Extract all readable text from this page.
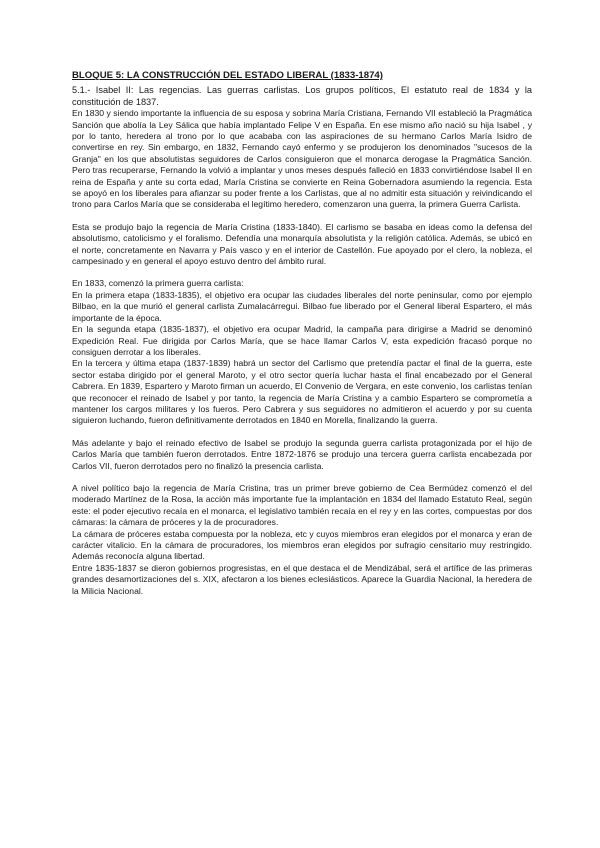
BLOQUE 5: LA CONSTRUCCIÓN DEL ESTADO LIBERAL (1833-1874)

5.1.- Isabel II: Las regencias. Las guerras carlistas. Los grupos políticos, El estatuto real de 1834 y la constitución de 1837.

En 1830 y siendo importante la influencia de su esposa y sobrina María Cristiana, Fernando VII estableció la Pragmática Sanción que abolía la Ley Sálica que había implantado Felipe V en España. En ese mismo año nació su hija Isabel , y por lo tanto, heredera al trono por lo que acababa con las aspiraciones de su hermano Carlos María Isidro de convertirse en rey. Sin embargo, en 1832, Fernando cayó enfermo y se produjeron los denominados "sucesos de la Granja" en los que absolutistas seguidores de Carlos consiguieron que el monarca derogase la Pragmática Sanción. Pero tras recuperarse, Fernando la volvió a implantar y unos meses después falleció en 1833 convirtiéndose Isabel II en reina de España y ante su corta edad, María Cristina se convierte en Reina Gobernadora asumiendo la regencia. Esta se apoyó en los liberales para afianzar su poder frente a los Carlistas, que al no admitir esta situación y reivindicando el trono para Carlos María que se consideraba el legítimo heredero, comenzaron una guerra, la primera Guerra Carlista.

Esta se produjo bajo la regencia de María Cristina (1833-1840). El carlismo se basaba en ideas como la defensa del absolutismo, catolicismo y el foralismo. Defendía una monarquía absolutista y la religión católica. Además, se ubicó en el norte, concretamente en Navarra y País vasco y en el interior de Castellón. Fue apoyado por el clero, la nobleza, el campesinado y en general el apoyo estuvo dentro del ámbito rural.

En 1833, comenzó la primera guerra carlista:

En la primera etapa (1833-1835), el objetivo era ocupar las ciudades liberales del norte peninsular, como por ejemplo Bilbao, en la que murió el general carlista Zumalacárregui. Bilbao fue liberado por el General liberal Espartero, el más importante de la época.

En la segunda etapa (1835-1837), el objetivo era ocupar Madrid, la campaña para dirigirse a Madrid se denominó Expedición Real. Fue dirigida por Carlos María, que se hace llamar Carlos V, esta expedición fracasó porque no consiguen derrotar a los liberales.

En la tercera y última etapa (1837-1839) habrá un sector del Carlismo que pretendía pactar el final de la guerra, este sector estaba dirigido por el general Maroto, y el otro sector quería luchar hasta el final encabezado por el General Cabrera. En 1839, Espartero y Maroto firman un acuerdo, El Convenio de Vergara, en este convenio, los carlistas tenían que reconocer el reinado de Isabel y por tanto, la regencia de María Cristina y a cambio Espartero se comprometía a mantener los cargos militares y los fueros. Pero Cabrera y sus seguidores no admitieron el acuerdo y por su cuenta siguieron luchando, fueron definitivamente derrotados en 1840 en Morella, finalizando la guerra.

Más adelante y bajo el reinado efectivo de Isabel se produjo la segunda guerra carlista protagonizada por el hijo de Carlos María que también fueron derrotados. Entre 1872-1876 se produjo una tercera guerra carlista encabezada por Carlos VII, fueron derrotados pero no finalizó la presencia carlista.

A nivel político bajo la regencia de María Cristina, tras un primer breve gobierno de Cea Bermúdez comenzó el del moderado Martínez de la Rosa, la acción más importante fue la implantación en 1834 del llamado Estatuto Real, según este: el poder ejecutivo recaía en el monarca, el legislativo también recaía en el rey y en las cortes, compuestas por dos cámaras: la cámara de próceres y la de procuradores.

La cámara de próceres estaba compuesta por la nobleza, etc y cuyos miembros eran elegidos por el monarca y eran de carácter vitalicio. En la cámara de procuradores, los miembros eran elegidos por sufragio censitario muy restringido. Además reconocía alguna libertad.

Entre 1835-1837 se dieron gobiernos progresistas, en el que destaca el de Mendizábal, será el artífice de las primeras grandes desamortizaciones del s. XIX, afectaron a los bienes eclesiásticos. Aparece la Guardia Nacional, la heredera de la Milicia Nacional.
